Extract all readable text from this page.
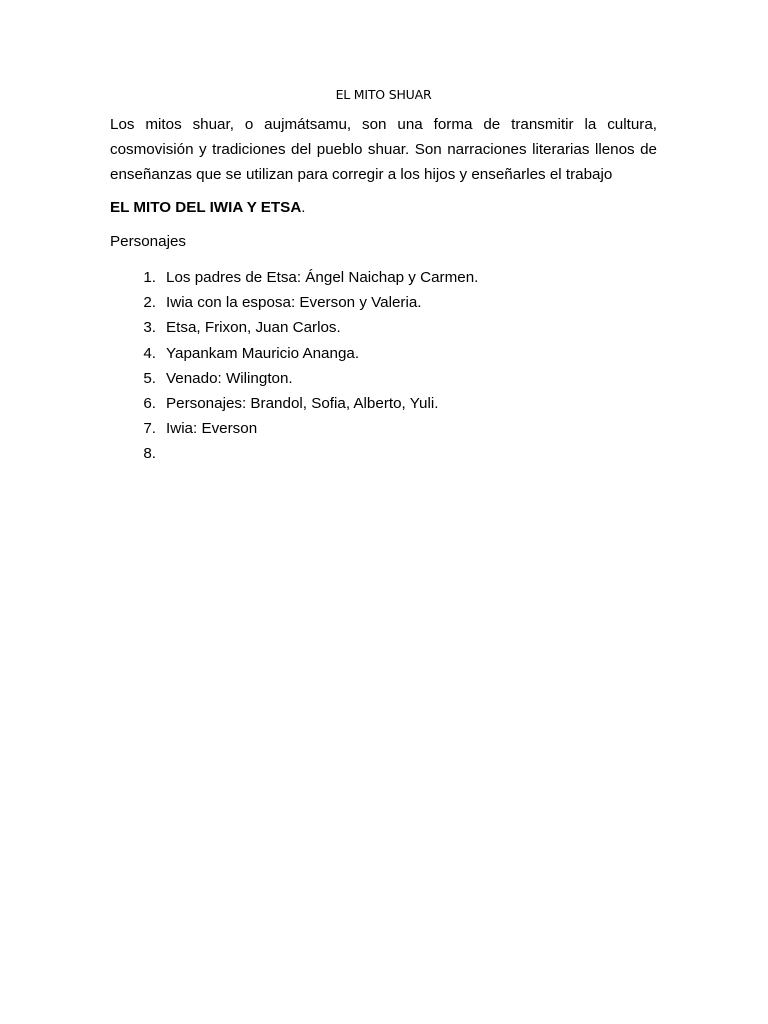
EL MITO SHUAR

Los mitos shuar, o aujmátsamu, son una forma de transmitir la cultura, cosmovisión y tradiciones del pueblo shuar. Son narraciones literarias llenos de enseñanzas que se utilizan para corregir a los hijos y enseñarles el trabajo

EL MITO DEL IWIA Y ETSA.

Personajes

1. Los padres de Etsa: Ángel Naichap y Carmen.
2. Iwia con la esposa: Everson y Valeria.
3. Etsa, Frixon, Juan Carlos.
4. Yapankam Mauricio Ananga.
5. Venado: Wilington.
6. Personajes: Brandol, Sofia, Alberto, Yuli.
7. Iwia: Everson
8.
